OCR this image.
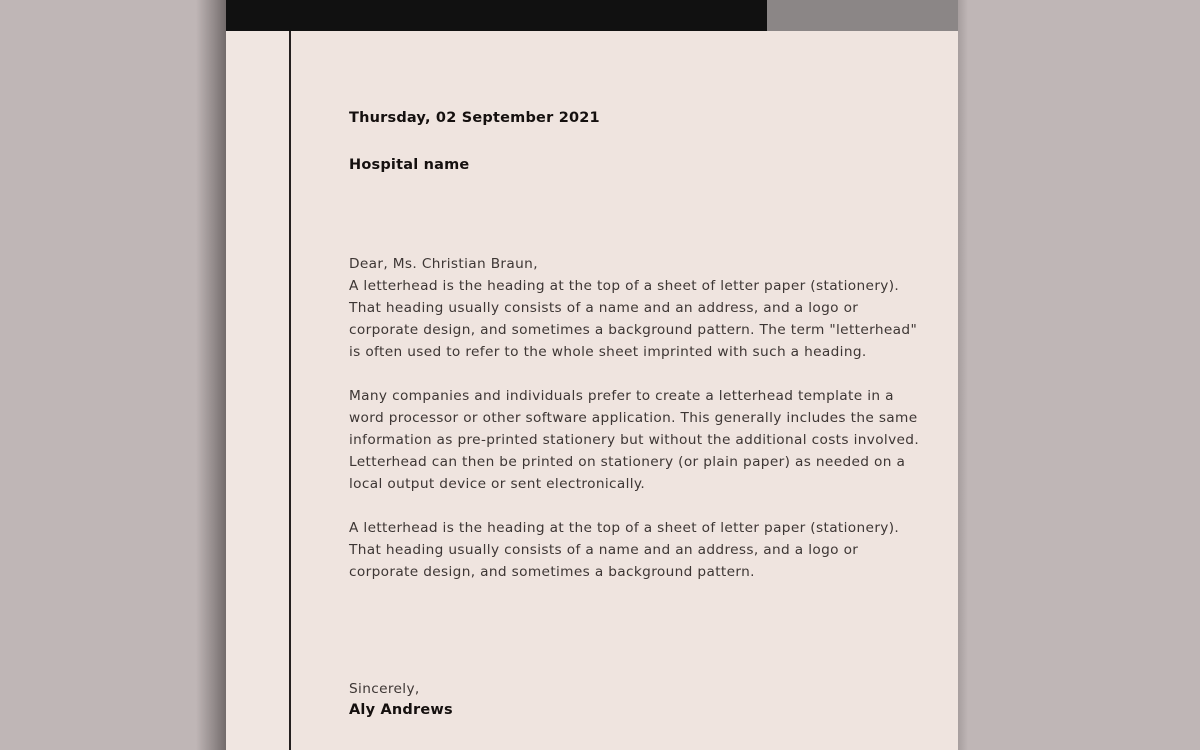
Thursday, 02 September 2021
Hospital name

Dear, Ms. Christian Braun,

A letterhead is the heading at the top of a sheet of letter paper (stationery). That heading usually consists of a name and an address, and a logo or corporate design, and sometimes a background pattern. The term "letterhead" is often used to refer to the whole sheet imprinted with such a heading.

Many companies and individuals prefer to create a letterhead template in a word processor or other software application. This generally includes the same information as pre-printed stationery but without the additional costs involved. Letterhead can then be printed on stationery (or plain paper) as needed on a local output device or sent electronically.

A letterhead is the heading at the top of a sheet of letter paper (stationery). That heading usually consists of a name and an address, and a logo or corporate design, and sometimes a background pattern.

Sincerely,
Aly Andrews
